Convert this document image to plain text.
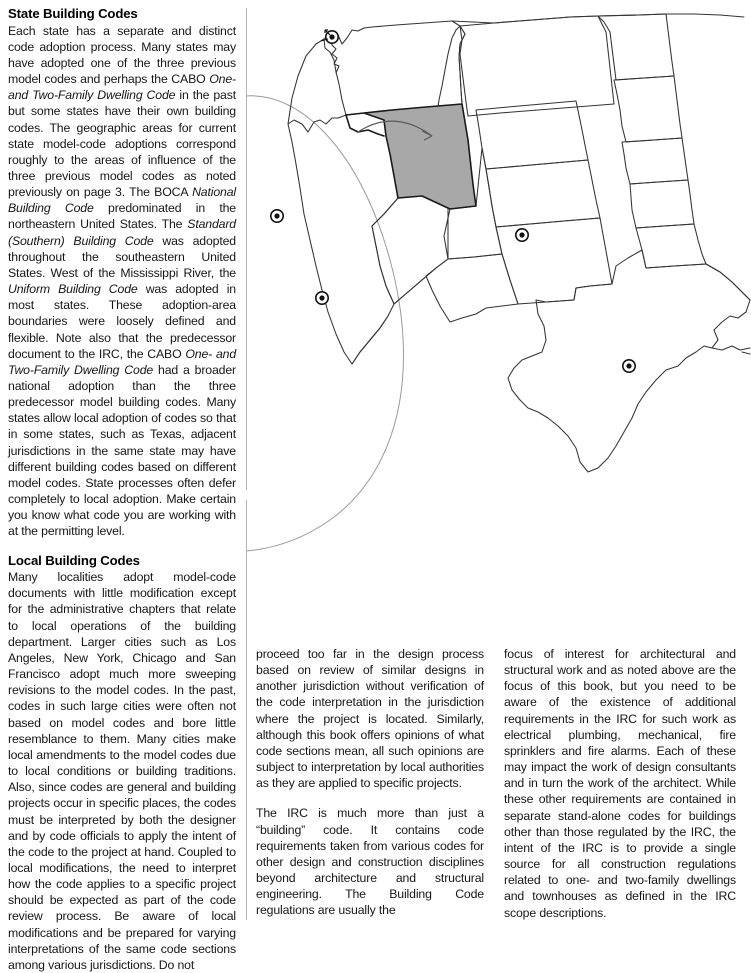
State Building Codes

Each state has a separate and distinct code adoption process. Many states may have adopted one of the three previous model codes and perhaps the CABO One- and Two-Family Dwelling Code in the past but some states have their own building codes. The geographic areas for current state model-code adoptions correspond roughly to the areas of influence of the three previous model codes as noted previously on page 3. The BOCA National Building Code predominated in the northeastern United States. The Standard (Southern) Building Code was adopted throughout the southeastern United States. West of the Mississippi River, the Uniform Building Code was adopted in most states. These adoption-area boundaries were loosely defined and flexible. Note also that the predecessor document to the IRC, the CABO One- and Two-Family Dwelling Code had a broader national adoption than the three predecessor model building codes. Many states allow local adoption of codes so that in some states, such as Texas, adjacent jurisdictions in the same state may have different building codes based on different model codes. State processes often defer completely to local adoption. Make certain you know what code you are working with at the permitting level.

Local Building Codes

Many localities adopt model-code documents with little modification except for the administrative chapters that relate to local operations of the building department. Larger cities such as Los Angeles, New York, Chicago and San Francisco adopt much more sweeping revisions to the model codes. In the past, codes in such large cities were often not based on model codes and bore little resemblance to them. Many cities make local amendments to the model codes due to local conditions or building traditions. Also, since codes are general and building projects occur in specific places, the codes must be interpreted by both the designer and by code officials to apply the intent of the code to the project at hand. Coupled to local modifications, the need to interpret how the code applies to a specific project should be expected as part of the code review process. Be aware of local modifications and be prepared for varying interpretations of the same code sections among various jurisdictions. Do not

proceed too far in the design process based on review of similar designs in another jurisdiction without verification of the code interpretation in the jurisdiction where the project is located. Similarly, although this book offers opinions of what code sections mean, all such opinions are subject to interpretation by local authorities as they are applied to specific projects.

The IRC is much more than just a “building” code. It contains code requirements taken from various codes for other design and construction disciplines beyond architecture and structural engineering. The Building Code regulations are usually the

focus of interest for architectural and structural work and as noted above are the focus of this book, but you need to be aware of the existence of additional requirements in the IRC for such work as electrical plumbing, mechanical, fire sprinklers and fire alarms. Each of these may impact the work of design consultants and in turn the work of the architect. While these other requirements are contained in separate stand-alone codes for buildings other than those regulated by the IRC, the intent of the IRC is to provide a single source for all construction regulations related to one- and two-family dwellings and townhouses as defined in the IRC scope descriptions.
